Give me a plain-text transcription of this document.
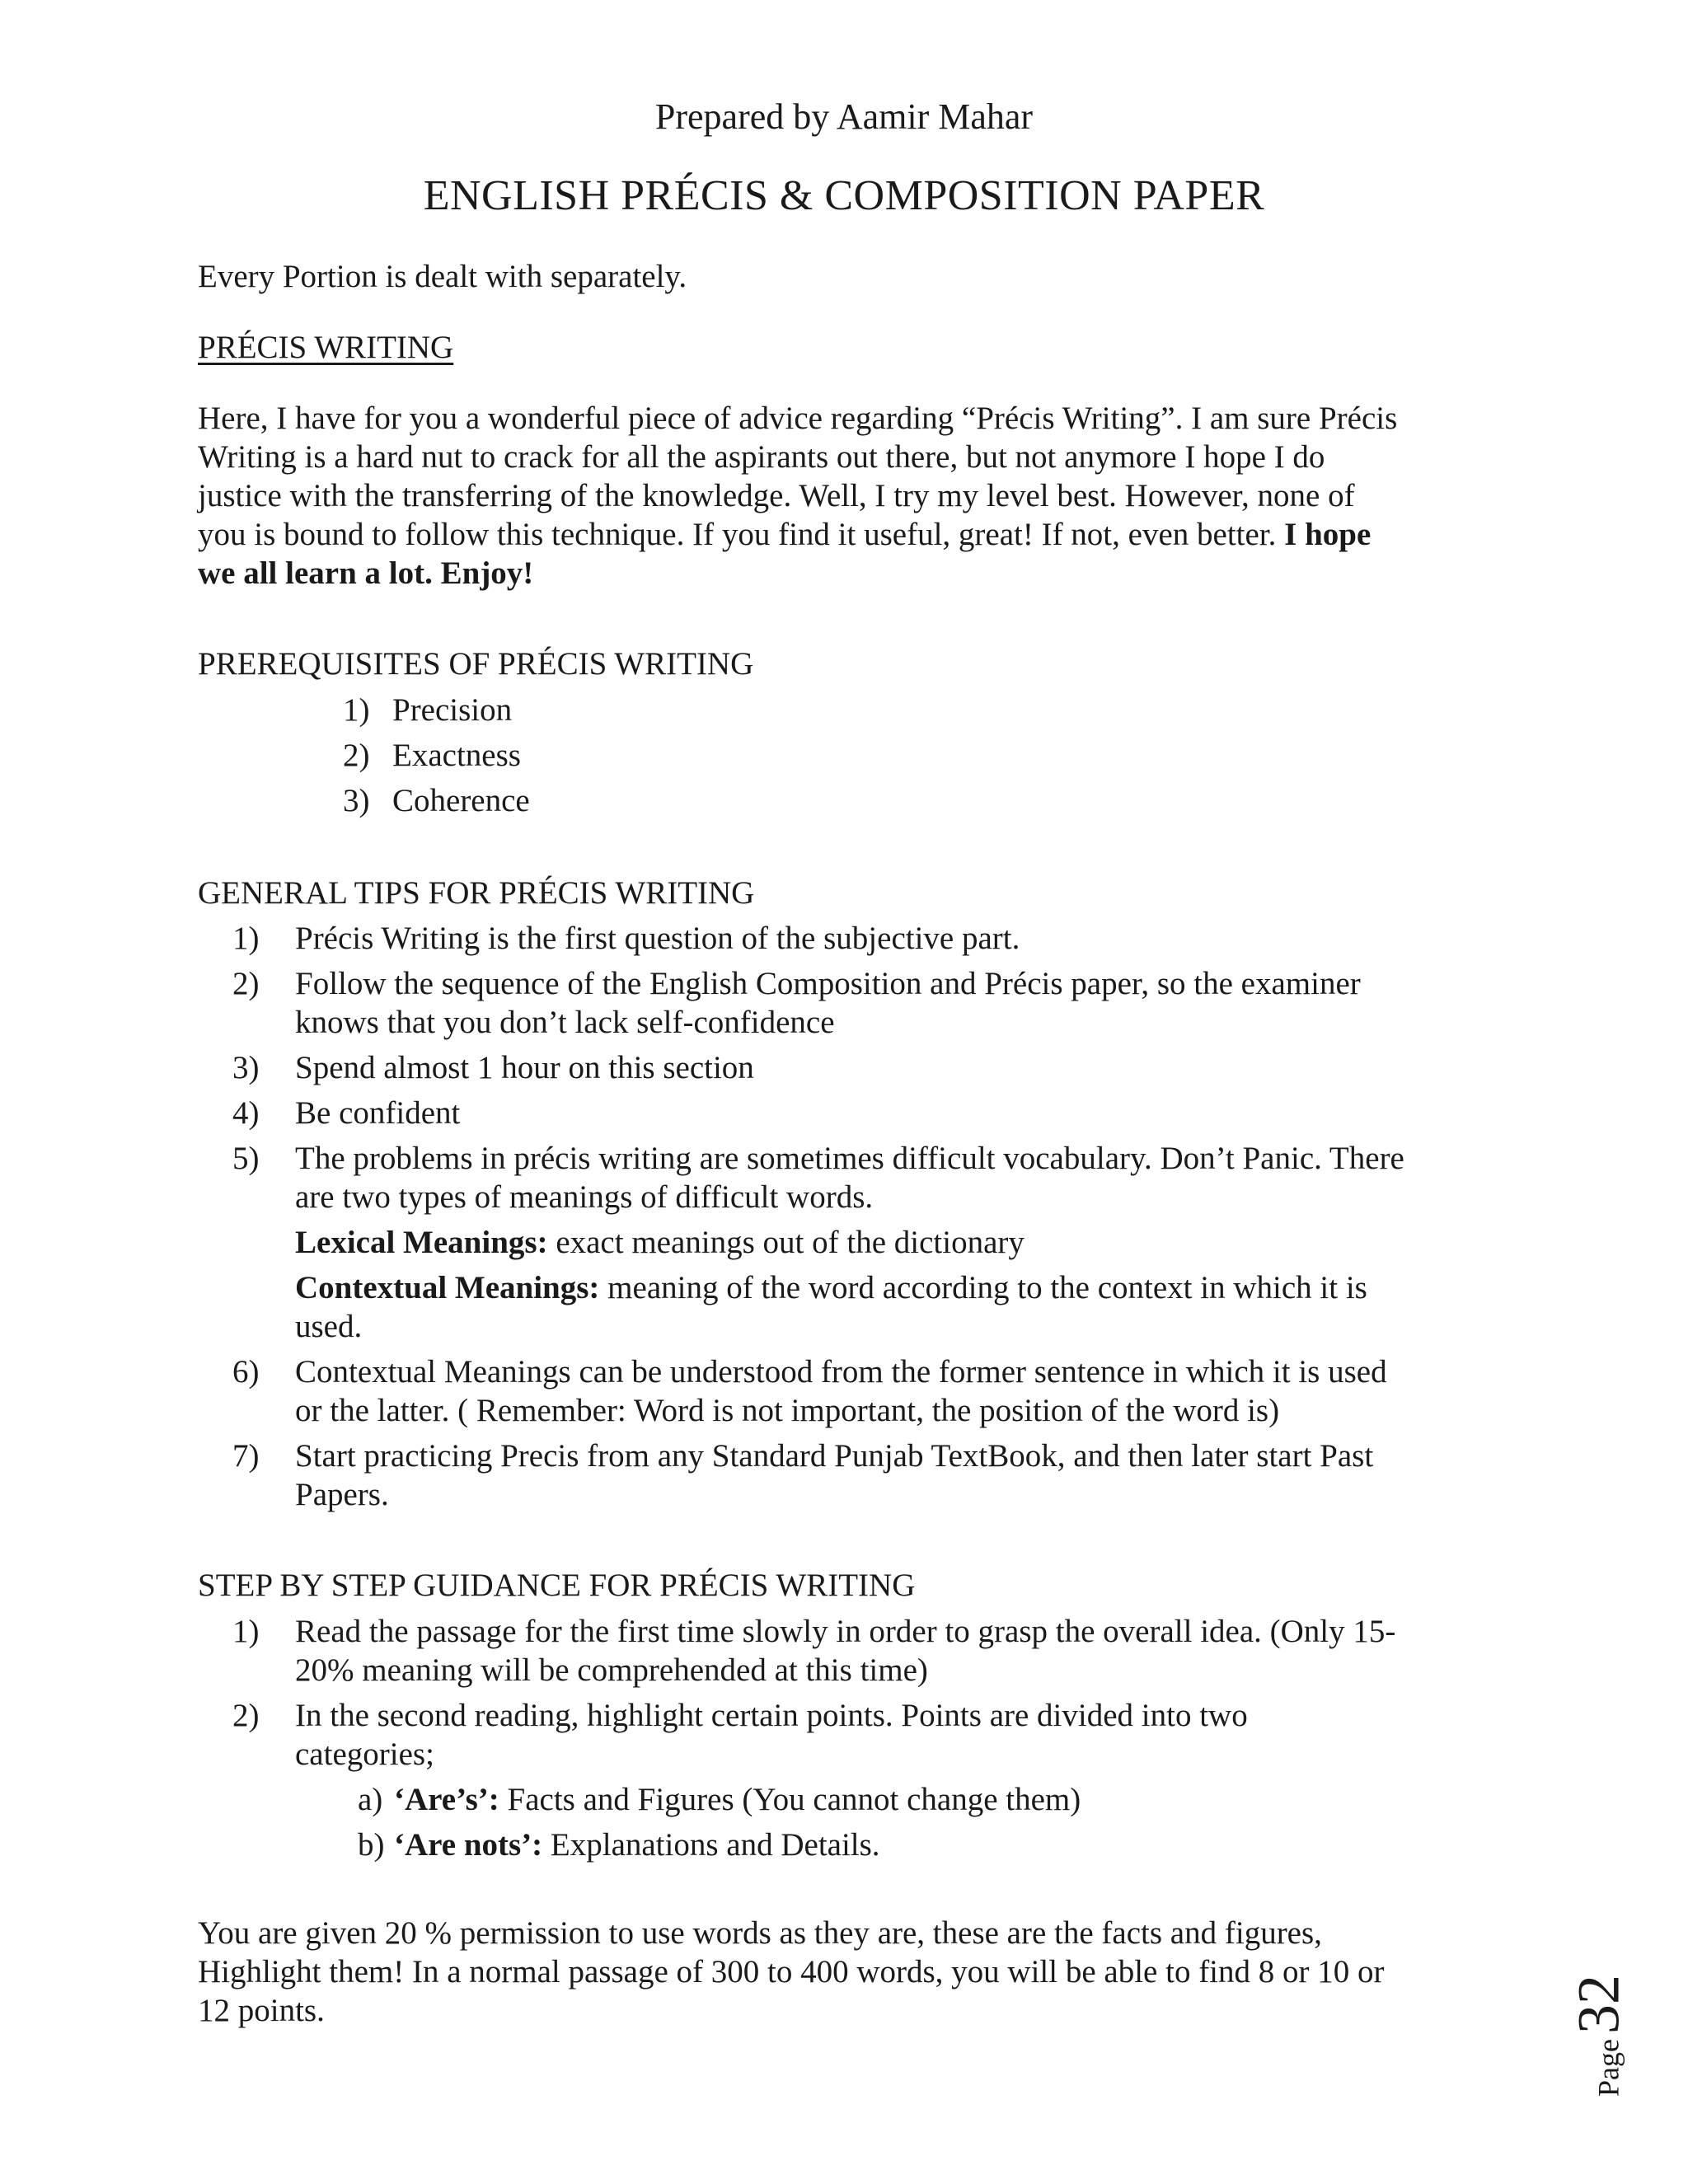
Prepared by Aamir Mahar
ENGLISH PRÉCIS & COMPOSITION PAPER
Every Portion is dealt with separately.
PRÉCIS WRITING
Here, I have for you a wonderful piece of advice regarding “Précis Writing”. I am sure Précis
Writing is a hard nut to crack for all the aspirants out there, but not anymore I hope I do
justice with the transferring of the knowledge. Well, I try my level best. However, none of
you is bound to follow this technique. If you find it useful, great! If not, even better. I hope
we all learn a lot. Enjoy!
PREREQUISITES OF PRÉCIS WRITING
1) Precision
2) Exactness
3) Coherence
GENERAL TIPS FOR PRÉCIS WRITING
1) Précis Writing is the first question of the subjective part.
2) Follow the sequence of the English Composition and Précis paper, so the examiner
knows that you don’t lack self-confidence
3) Spend almost 1 hour on this section
4) Be confident
5) The problems in précis writing are sometimes difficult vocabulary. Don’t Panic. There
are two types of meanings of difficult words.
Lexical Meanings: exact meanings out of the dictionary
Contextual Meanings: meaning of the word according to the context in which it is
used.
6) Contextual Meanings can be understood from the former sentence in which it is used
or the latter. ( Remember: Word is not important, the position of the word is)
7) Start practicing Precis from any Standard Punjab TextBook, and then later start Past
Papers.
STEP BY STEP GUIDANCE FOR PRÉCIS WRITING
1) Read the passage for the first time slowly in order to grasp the overall idea. (Only 15-
20% meaning will be comprehended at this time)
2) In the second reading, highlight certain points. Points are divided into two
categories;
a) ‘Are’s’: Facts and Figures (You cannot change them)
b) ‘Are nots’: Explanations and Details.
You are given 20 % permission to use words as they are, these are the facts and figures,
Highlight them! In a normal passage of 300 to 400 words, you will be able to find 8 or 10 or
12 points.
Page
32
